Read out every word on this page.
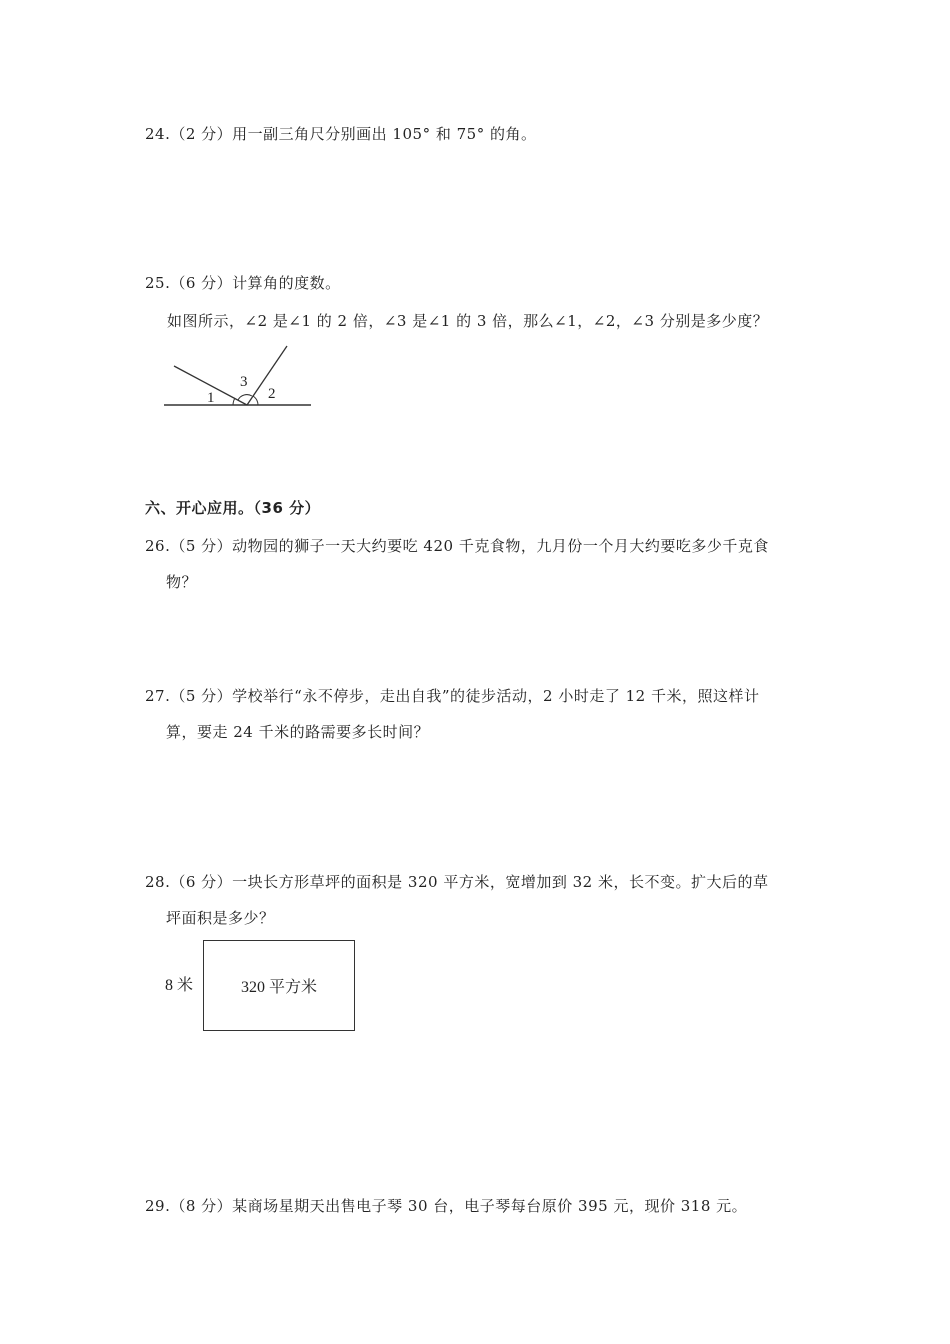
24.（2 分）用一副三角尺分别画出 105° 和 75° 的角。
25.（6 分）计算角的度数。
如图所示，∠2 是∠1 的 2 倍，∠3 是∠1 的 3 倍，那么∠1，∠2，∠3 分别是多少度？
1	2
3
六、开心应用。（36 分）
26.（5 分）动物园的狮子一天大约要吃 420 千克食物，九月份一个月大约要吃多少千克食
物？
27.（5 分）学校举行“永不停步，走出自我”的徒步活动，2 小时走了 12 千米，照这样计
算，要走 24 千米的路需要多长时间？
28.（6 分）一块长方形草坪的面积是 320 平方米，宽增加到 32 米，长不变。扩大后的草
坪面积是多少？
8 米	320 平方米
29.（8 分）某商场星期天出售电子琴 30 台，电子琴每台原价 395 元，现价 318 元。
